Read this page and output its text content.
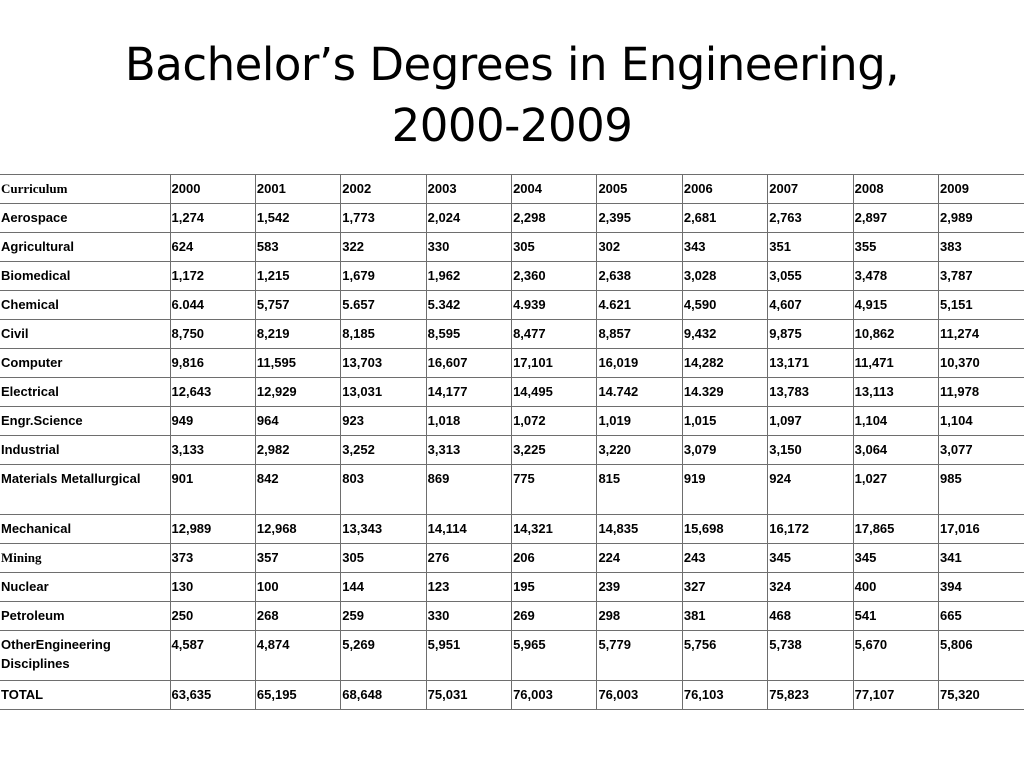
Bachelor’s Degrees in Engineering,
2000-2009
Curriculum	2000	2001	2002	2003	2004	2005	2006	2007	2008	2009
Aerospace	1,274	1,542	1,773	2,024	2,298	2,395	2,681	2,763	2,897	2,989
Agricultural	624	583	322	330	305	302	343	351	355	383
Biomedical	1,172	1,215	1,679	1,962	2,360	2,638	3,028	3,055	3,478	3,787
Chemical	6.044	5,757	5.657	5.342	4.939	4.621	4,590	4,607	4,915	5,151
Civil	8,750	8,219	8,185	8,595	8,477	8,857	9,432	9,875	10,862	11,274
Computer	9,816	11,595	13,703	16,607	17,101	16,019	14,282	13,171	11,471	10,370
Electrical	12,643	12,929	13,031	14,177	14,495	14.742	14.329	13,783	13,113	11,978
Engr.Science	949	964	923	1,018	1,072	1,019	1,015	1,097	1,104	1,104
Industrial	3,133	2,982	3,252	3,313	3,225	3,220	3,079	3,150	3,064	3,077
Materials Metallurgical	901	842	803	869	775	815	919	924	1,027	985
Mechanical	12,989	12,968	13,343	14,114	14,321	14,835	15,698	16,172	17,865	17,016
Mining	373	357	305	276	206	224	243	345	345	341
Nuclear	130	100	144	123	195	239	327	324	400	394
Petroleum	250	268	259	330	269	298	381	468	541	665
OtherEngineering Disciplines	4,587	4,874	5,269	5,951	5,965	5,779	5,756	5,738	5,670	5,806
TOTAL	63,635	65,195	68,648	75,031	76,003	76,003	76,103	75,823	77,107	75,320
